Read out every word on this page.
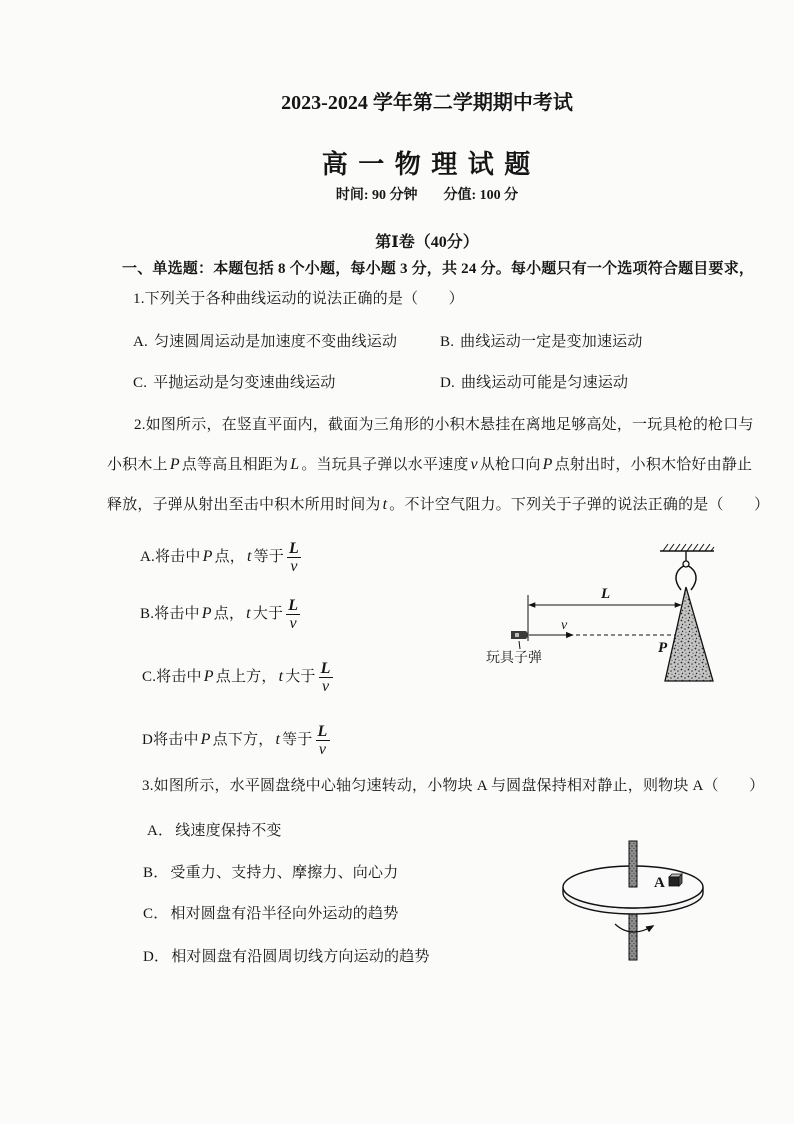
2023-2024 学年第二学期期中考试
高 一 物 理 试 题
时间: 90 分钟 分值: 100 分
第Ⅰ卷（40分）
一、单选题：本题包括 8 个小题，每小题 3 分，共 24 分。每小题只有一个选项符合题目要求，
1.下列关于各种曲线运动的说法正确的是（　　）
A. 匀速圆周运动是加速度不变曲线运动	B. 曲线运动一定是变加速运动
C. 平抛运动是匀变速曲线运动	D. 曲线运动可能是匀速运动
2.如图所示，在竖直平面内，截面为三角形的小积木悬挂在离地足够高处，一玩具枪的枪口与
小积木上 P 点等高且相距为 L 。当玩具子弹以水平速度 v 从枪口向 P 点射出时，小积木恰好由静止
释放，子弹从射出至击中积木所用时间为 t 。不计空气阻力。下列关于子弹的说法正确的是（　　）
A. 将击中 P 点， t 等于 $\frac{L}{v}$
B. 将击中 P 点， t 大于 $\frac{L}{v}$
C. 将击中 P 点上方， t 大于 $\frac{L}{v}$
D 将击中 P 点下方， t 等于 $\frac{L}{v}$
L
v
P
玩具子弹
3.如图所示，水平圆盘绕中心轴匀速转动，小物块 A 与圆盘保持相对静止，则物块 A（　　）
A． 线速度保持不变
B． 受重力、支持力、摩擦力、向心力
C． 相对圆盘有沿半径向外运动的趋势
D． 相对圆盘有沿圆周切线方向运动的趋势
A
